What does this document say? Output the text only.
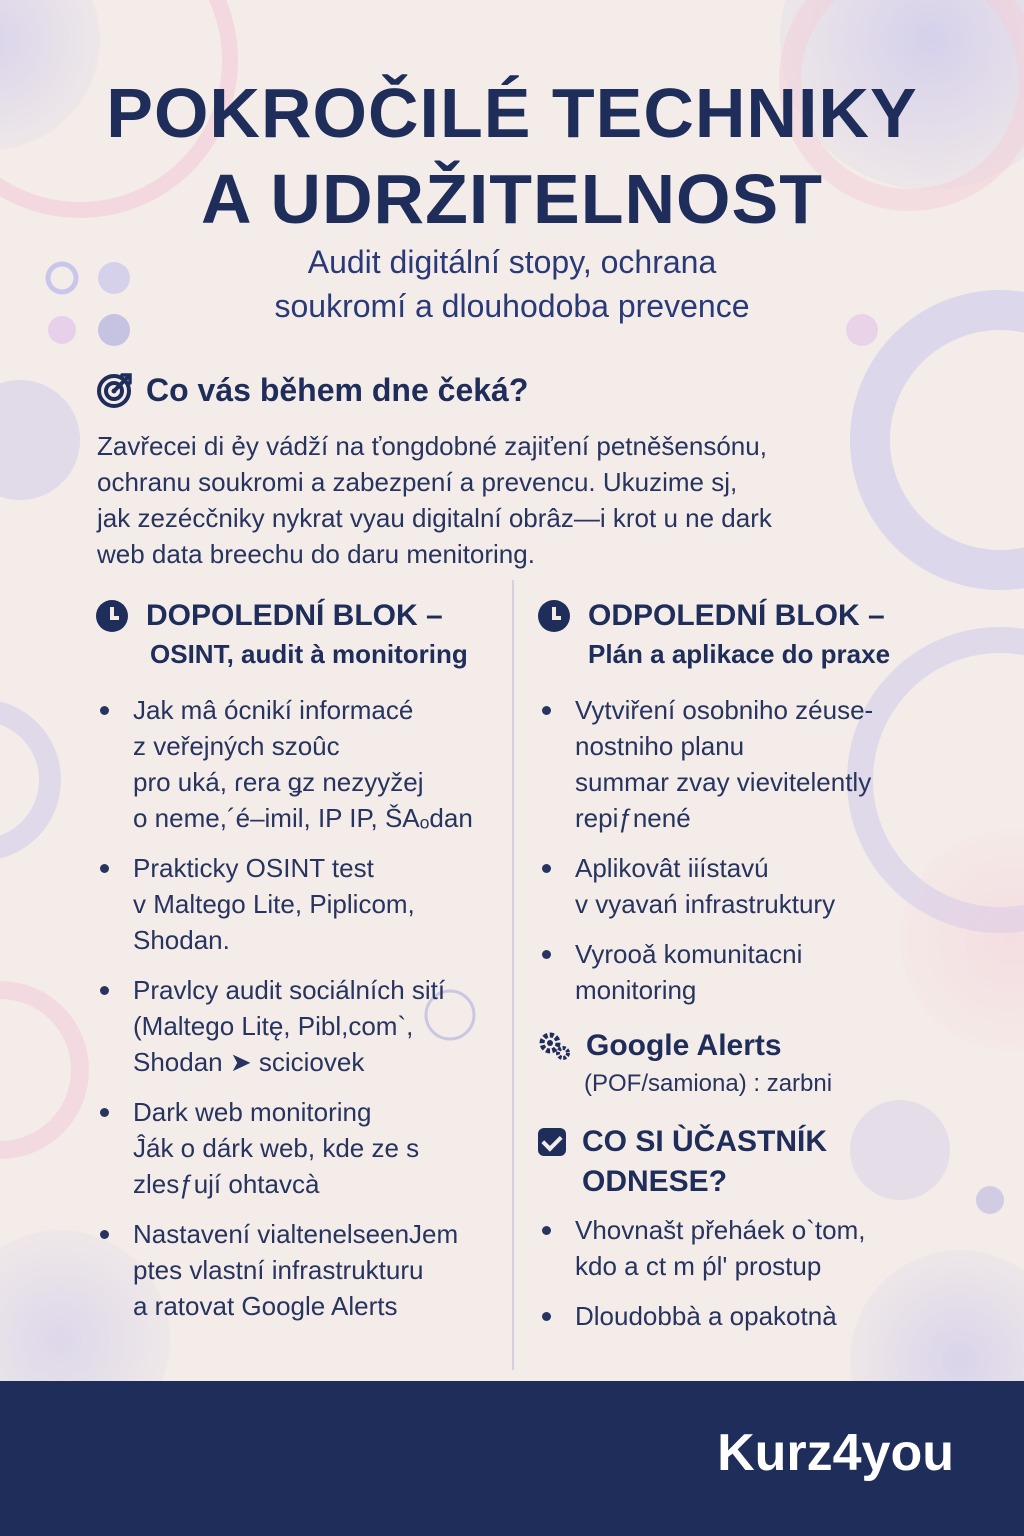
POKROČILÉ TECHNIKY
A UDRŽITELNOST
Audit digitální stopy, ochrana
soukromí a dlouhodoba prevence
Co vás během dne čeká?

Zavřecei di ẻy vádží na ťongdobné zajiťení petněšensónu,
ochranu soukromi a zabezpení a prevencu. Ukuzime sj,
jak zezécčniky nykrat vyau digitalní obrâz—i krot u ne dark
web data breechu do daru menitoring.

DOPOLEDNÍ BLOK –
OSINT, audit à monitoring
Jak mâ ócnikí informacé
z veřejných szoûc
pro uká, ɾera ǥz nezyyžej
o neme,´é–imil, IP IP, ŠAₒdan
Prakticky OSINT test
v Maltego Lite, Piplicom,
Shodan.
Pravlcy audit sociálních sití
(Maltego Litę, Pibl,com`,
Shodan ➤ sciciovek
Dark web monitoring
Ĵák o dárk web, kde ze s
zlesƒují ohtavcà
Nastavení vialtenelseenJem
ptes vlastní infrastrukturu
a ratovat Google Alerts
ODPOLEDNÍ BLOK –
Plán a aplikace do praxe
Vytviření osobniho zéuse-
nostniho planu
summar zvay vievitelently
repiƒnené
Aplikovât iiístavú
v vyavań infrastruktury
Vyrooǎ komunitacni
monitoring
Google Alerts
(POF/samiona) : zarbni
CO SI ÙČASTNÍK
ODNESE?
Vhovnašt přeháek o`tom,
kdo a ct m ṕl' prostup
Dloudobbà a opakotnà
Kurz4you
